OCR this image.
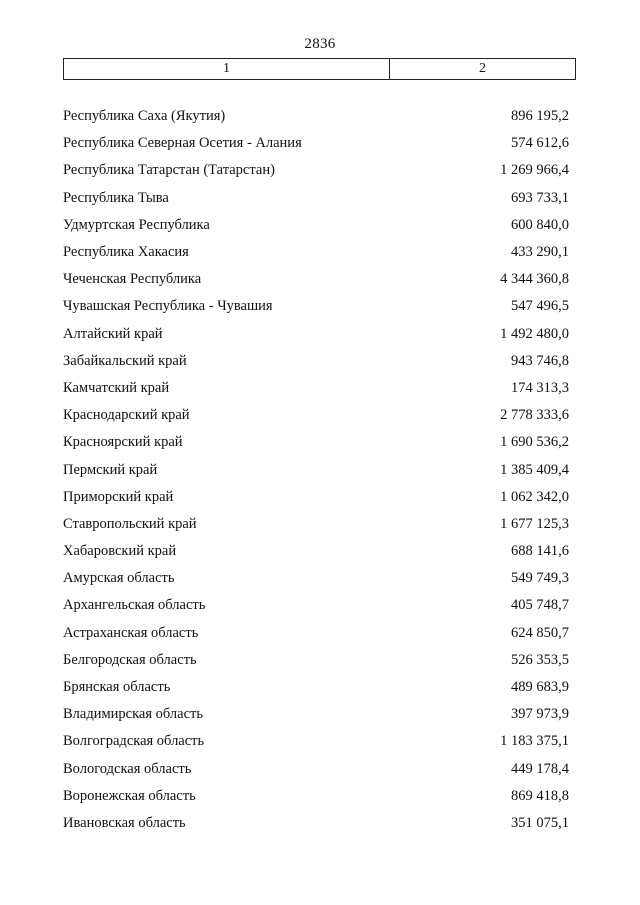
2836
1	2
Республика Саха (Якутия)	896 195,2
Республика Северная Осетия - Алания	574 612,6
Республика Татарстан (Татарстан)	1 269 966,4
Республика Тыва	693 733,1
Удмуртская Республика	600 840,0
Республика Хакасия	433 290,1
Чеченская Республика	4 344 360,8
Чувашская Республика - Чувашия	547 496,5
Алтайский край	1 492 480,0
Забайкальский край	943 746,8
Камчатский край	174 313,3
Краснодарский край	2 778 333,6
Красноярский край	1 690 536,2
Пермский край	1 385 409,4
Приморский край	1 062 342,0
Ставропольский край	1 677 125,3
Хабаровский край	688 141,6
Амурская область	549 749,3
Архангельская область	405 748,7
Астраханская область	624 850,7
Белгородская область	526 353,5
Брянская область	489 683,9
Владимирская область	397 973,9
Волгоградская область	1 183 375,1
Вологодская область	449 178,4
Воронежская область	869 418,8
Ивановская область	351 075,1
